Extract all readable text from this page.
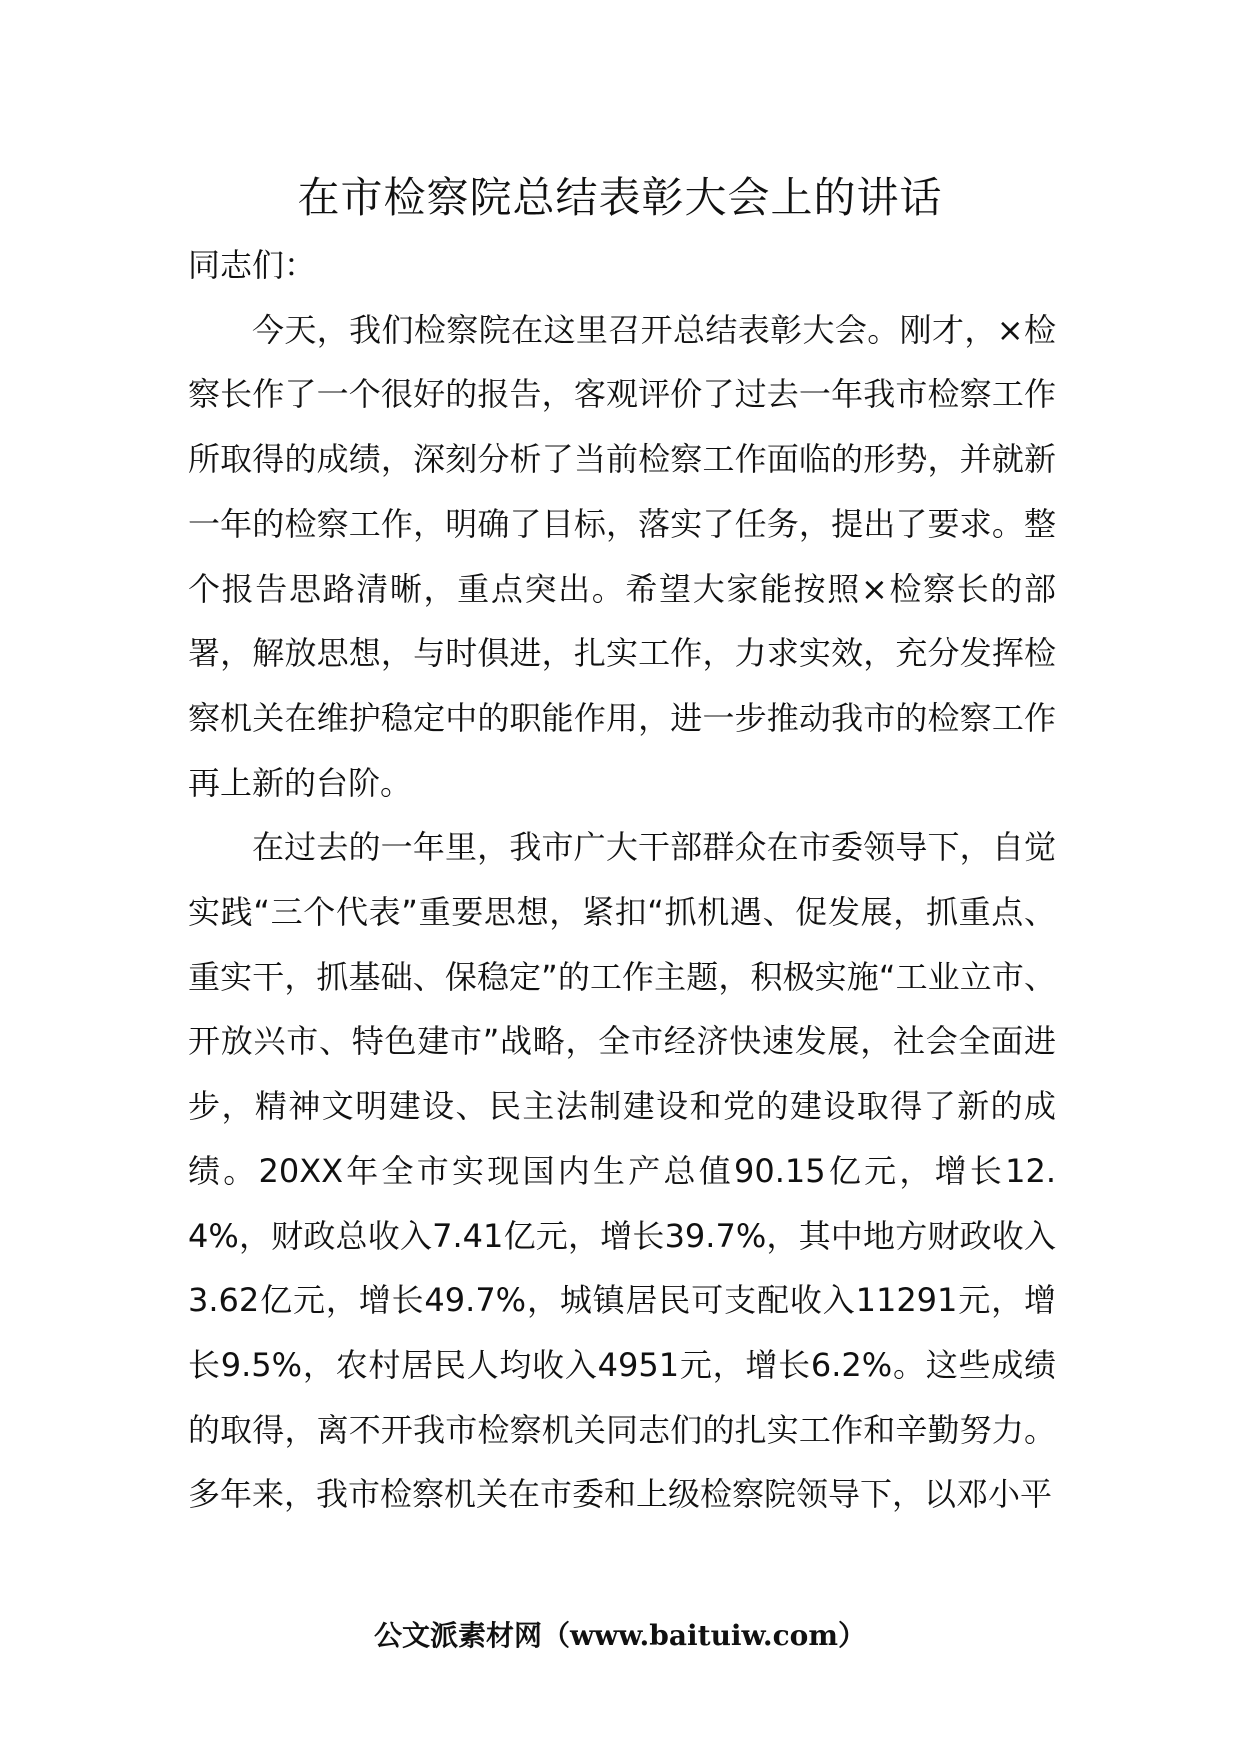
在市检察院总结表彰大会上的讲话

同志们：

今天，我们检察院在这里召开总结表彰大会。刚才，×检察长作了一个很好的报告，客观评价了过去一年我市检察工作所取得的成绩，深刻分析了当前检察工作面临的形势，并就新一年的检察工作，明确了目标，落实了任务，提出了要求。整个报告思路清晰，重点突出。希望大家能按照×检察长的部署，解放思想，与时俱进，扎实工作，力求实效，充分发挥检察机关在维护稳定中的职能作用，进一步推动我市的检察工作再上新的台阶。

在过去的一年里，我市广大干部群众在市委领导下，自觉实践“三个代表”重要思想，紧扣“抓机遇、促发展，抓重点、重实干，抓基础、保稳定”的工作主题，积极实施“工业立市、开放兴市、特色建市”战略，全市经济快速发展，社会全面进步，精神文明建设、民主法制建设和党的建设取得了新的成绩。20XX年全市实现国内生产总值90.15亿元，增长12.4%，财政总收入7.41亿元，增长39.7%，其中地方财政收入3.62亿元，增长49.7%，城镇居民可支配收入11291元，增长9.5%，农村居民人均收入4951元，增长6.2%。这些成绩的取得，离不开我市检察机关同志们的扎实工作和辛勤努力。多年来，我市检察机关在市委和上级检察院领导下，以邓小平

公文派素材网（www.baituiw.com）
